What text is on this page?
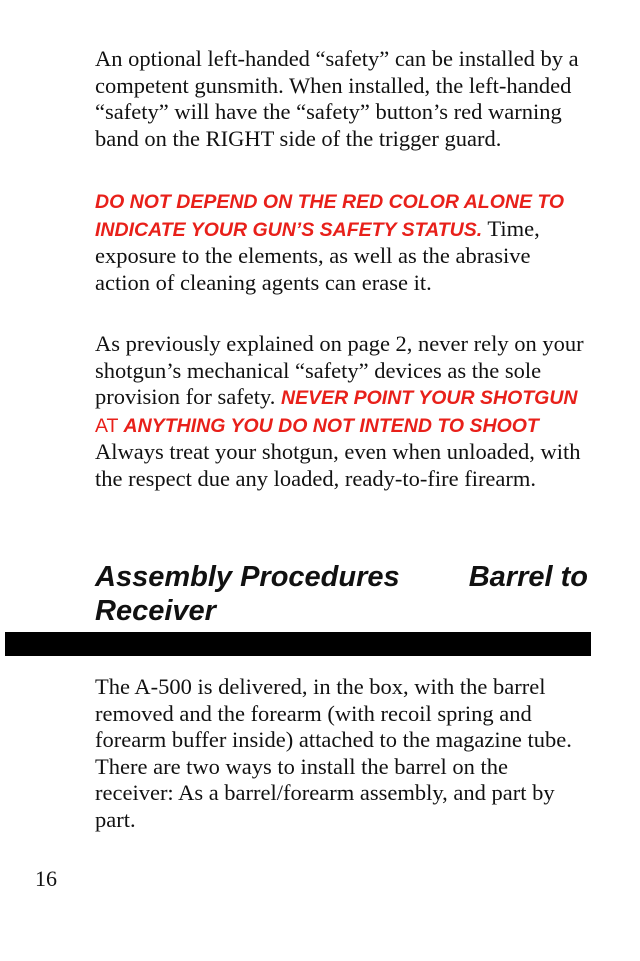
An optional left-handed “safety” can be installed by a competent gunsmith. When installed, the left-handed “safety” will have the “safety” button’s red warning band on the RIGHT side of the trigger guard.

DO NOT DEPEND ON THE RED COLOR ALONE TO INDICATE YOUR GUN’S SAFETY STATUS. Time, exposure to the elements, as well as the abrasive action of cleaning agents can erase it.

As previously explained on page 2, never rely on your shotgun’s mechanical “safety” devices as the sole provision for safety. NEVER POINT YOUR SHOTGUN AT ANYTHING YOU DO NOT INTEND TO SHOOT Always treat your shotgun, even when unloaded, with the respect due any loaded, ready-to-fire firearm.

Assembly Procedures Barrel to

Receiver

The A-500 is delivered, in the box, with the barrel removed and the forearm (with recoil spring and forearm buffer inside) attached to the magazine tube. There are two ways to install the barrel on the receiver: As a barrel/forearm assembly, and part by part.

16
